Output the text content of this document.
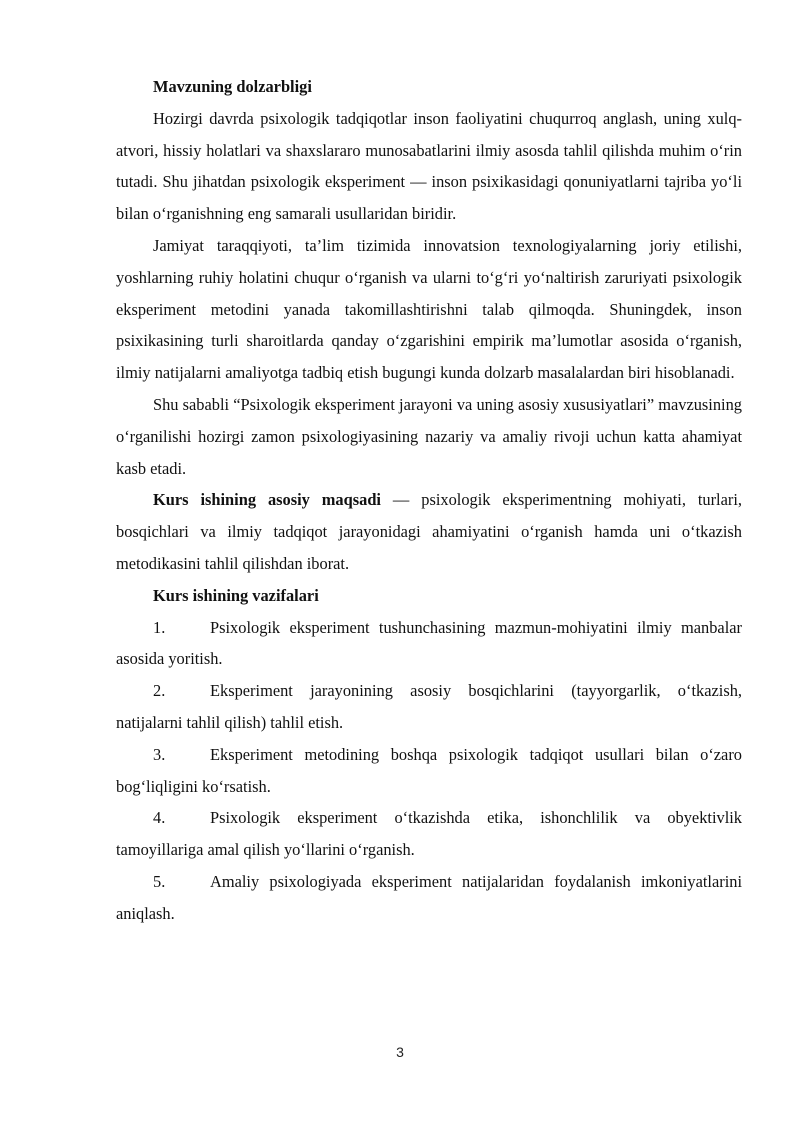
Mavzuning dolzarbligi

Hozirgi davrda psixologik tadqiqotlar inson faoliyatini chuqurroq anglash, uning xulq-atvori, hissiy holatlari va shaxslararo munosabatlarini ilmiy asosda tahlil qilishda muhim o‘rin tutadi. Shu jihatdan psixologik eksperiment — inson psixikasidagi qonuniyatlarni tajriba yo‘li bilan o‘rganishning eng samarali usullaridan biridir.

Jamiyat taraqqiyoti, ta’lim tizimida innovatsion texnologiyalarning joriy etilishi, yoshlarning ruhiy holatini chuqur o‘rganish va ularni to‘g‘ri yo‘naltirish zaruriyati psixologik eksperiment metodini yanada takomillashtirishni talab qilmoqda. Shuningdek, inson psixikasining turli sharoitlarda qanday o‘zgarishini empirik ma’lumotlar asosida o‘rganish, ilmiy natijalarni amaliyotga tadbiq etish bugungi kunda dolzarb masalalardan biri hisoblanadi.

Shu sababli “Psixologik eksperiment jarayoni va uning asosiy xususiyatlari” mavzusining o‘rganilishi hozirgi zamon psixologiyasining nazariy va amaliy rivoji uchun katta ahamiyat kasb etadi.

Kurs ishining asosiy maqsadi — psixologik eksperimentning mohiyati, turlari, bosqichlari va ilmiy tadqiqot jarayonidagi ahamiyatini o‘rganish hamda uni o‘tkazish metodikasini tahlil qilishdan iborat.

Kurs ishining vazifalari

1.	Psixologik eksperiment tushunchasining mazmun-mohiyatini ilmiy manbalar asosida yoritish.

2.	Eksperiment jarayonining asosiy bosqichlarini (tayyorgarlik, o‘tkazish, natijalarni tahlil qilish) tahlil etish.

3.	Eksperiment metodining boshqa psixologik tadqiqot usullari bilan o‘zaro bog‘liqligini ko‘rsatish.

4.	Psixologik eksperiment o‘tkazishda etika, ishonchlilik va obyektivlik tamoyillariga amal qilish yo‘llarini o‘rganish.

5.	Amaliy psixologiyada eksperiment natijalaridan foydalanish imkoniyatlarini aniqlash.

3
